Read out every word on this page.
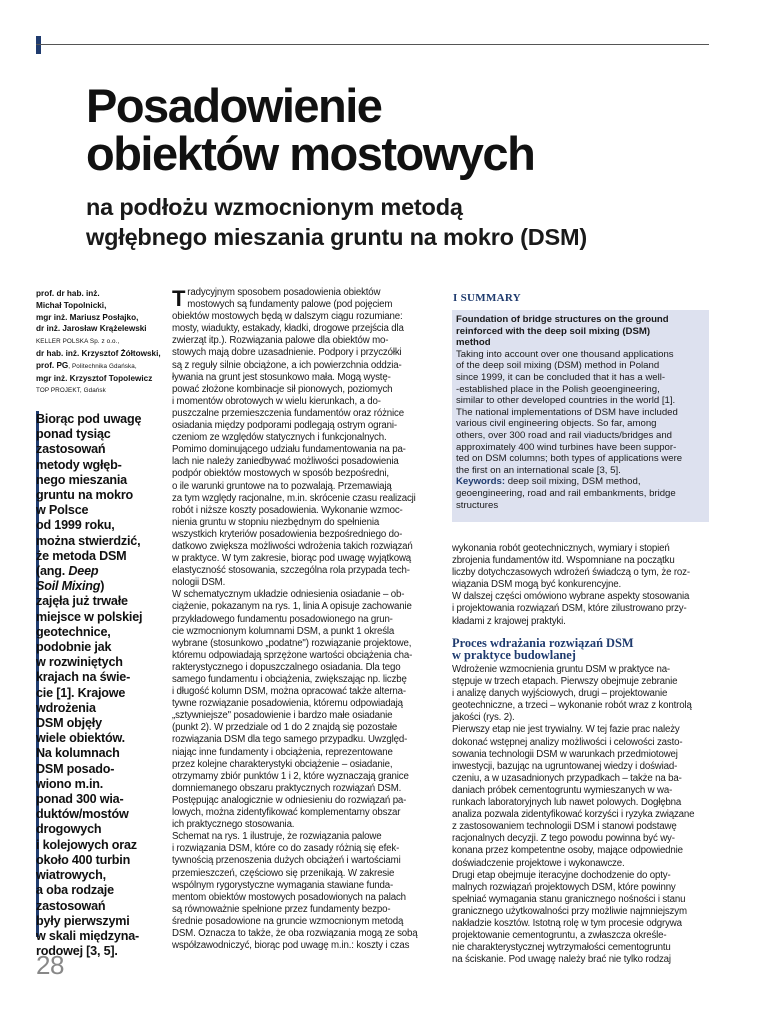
Posadowienie
obiektów mostowych
na podłożu wzmocnionym metodą
wgłębnego mieszania gruntu na mokro (DSM)
prof. dr hab. inż.
Michał Topolnicki,
mgr inż. Mariusz Posłajko,
dr inż. Jarosław Krążelewski
KELLER POLSKA Sp. z o.o.,
dr hab. inż. Krzysztof Żółtowski,
prof. PG, Politechnika Gdańska,
mgr inż. Krzysztof Topolewicz
TOP PROJEKT, Gdańsk

Biorąc pod uwagę
ponad tysiąc
zastosowań
metody wgłęb-
nego mieszania
gruntu na mokro
w Polsce
od 1999 roku,
można stwierdzić,
że metoda DSM
(ang. Deep
Soil Mixing)
zajęła już trwałe
miejsce w polskiej
geotechnice,
podobnie jak
w rozwiniętych
krajach na świe-
cie [1]. Krajowe
wdrożenia
DSM objęły
wiele obiektów.
Na kolumnach
DSM posado-
wiono m.in.
ponad 300 wia-
duktów/mostów
drogowych
i kolejowych oraz
około 400 turbin
wiatrowych,
a oba rodzaje
zastosowań
były pierwszymi
w skali międzyna-
rodowej [3, 5].

28

Tradycyjnym sposobem posadowienia obiektów
mostowych są fundamenty palowe (pod pojęciem
obiektów mostowych będą w dalszym ciągu rozumiane:
mosty, wiadukty, estakady, kładki, drogowe przejścia dla
zwierząt itp.). Rozwiązania palowe dla obiektów mo-
stowych mają dobre uzasadnienie. Podpory i przyczółki
są z reguły silnie obciążone, a ich powierzchnia oddzia-
ływania na grunt jest stosunkowo mała. Mogą wystę-
pować złożone kombinacje sił pionowych, poziomych
i momentów obrotowych w wielu kierunkach, a do-
puszczalne przemieszczenia fundamentów oraz różnice
osiadania między podporami podlegają ostrym ograni-
czeniom ze względów statycznych i funkcjonalnych.
Pomimo dominującego udziału fundamentowania na pa-
lach nie należy zaniedbywać możliwości posadowienia
podpór obiektów mostowych w sposób bezpośredni,
o ile warunki gruntowe na to pozwalają. Przemawiają
za tym względy racjonalne, m.in. skrócenie czasu realizacji
robót i niższe koszty posadowienia. Wykonanie wzmoc-
nienia gruntu w stopniu niezbędnym do spełnienia
wszystkich kryteriów posadowienia bezpośredniego do-
datkowo zwiększa możliwości wdrożenia takich rozwiązań
w praktyce. W tym zakresie, biorąc pod uwagę wyjątkową
elastyczność stosowania, szczególna rola przypada tech-
nologii DSM.

W schematycznym układzie odniesienia osiadanie – ob-
ciążenie, pokazanym na rys. 1, linia A opisuje zachowanie
przykładowego fundamentu posadowionego na grun-
cie wzmocnionym kolumnami DSM, a punkt 1 określa
wybrane (stosunkowo „podatne") rozwiązanie projektowe,
któremu odpowiadają sprzężone wartości obciążenia cha-
rakterystycznego i dopuszczalnego osiadania. Dla tego
samego fundamentu i obciążenia, zwiększając np. liczbę
i długość kolumn DSM, można opracować także alterna-
tywne rozwiązanie posadowienia, któremu odpowiadają
„sztywniejsze" posadowienie i bardzo małe osiadanie
(punkt 2). W przedziale od 1 do 2 znajdą się pozostałe
rozwiązania DSM dla tego samego przypadku. Uwzględ-
niając inne fundamenty i obciążenia, reprezentowane
przez kolejne charakterystyki obciążenie – osiadanie,
otrzymamy zbiór punktów 1 i 2, które wyznaczają granice
domniemanego obszaru praktycznych rozwiązań DSM.
Postępując analogicznie w odniesieniu do rozwiązań pa-
lowych, można zidentyfikować komplementarny obszar
ich praktycznego stosowania.

Schemat na rys. 1 ilustruje, że rozwiązania palowe
i rozwiązania DSM, które co do zasady różnią się efek-
tywnością przenoszenia dużych obciążeń i wartościami
przemieszczeń, częściowo się przenikają. W zakresie
wspólnym rygorystyczne wymagania stawiane funda-
mentom obiektów mostowych posadowionych na palach
są równoważnie spełnione przez fundamenty bezpo-
średnie posadowione na gruncie wzmocnionym metodą
DSM. Oznacza to także, że oba rozwiązania mogą ze sobą
współzawodniczyć, biorąc pod uwagę m.in.: koszty i czas

I SUMMARY

Foundation of bridge structures on the ground
reinforced with the deep soil mixing (DSM)
method

Taking into account over one thousand applications
of the deep soil mixing (DSM) method in Poland
since 1999, it can be concluded that it has a well-
-established place in the Polish geoengineering,
similar to other developed countries in the world [1].
The national implementations of DSM have included
various civil engineering objects. So far, among
others, over 300 road and rail viaducts/bridges and
approximately 400 wind turbines have been suppor-
ted on DSM columns; both types of applications were
the first on an international scale [3, 5].

Keywords: deep soil mixing, DSM method,
geoengineering, road and rail embankments, bridge
structures

wykonania robót geotechnicznych, wymiary i stopień
zbrojenia fundamentów itd. Wspomniane na początku
liczby dotychczasowych wdrożeń świadczą o tym, że roz-
wiązania DSM mogą być konkurencyjne.

W dalszej części omówiono wybrane aspekty stosowania
i projektowania rozwiązań DSM, które zilustrowano przy-
kładami z krajowej praktyki.

Proces wdrażania rozwiązań DSM
w praktyce budowlanej

Wdrożenie wzmocnienia gruntu DSM w praktyce na-
stępuje w trzech etapach. Pierwszy obejmuje zebranie
i analizę danych wyjściowych, drugi – projektowanie
geotechniczne, a trzeci – wykonanie robót wraz z kontrolą
jakości (rys. 2).

Pierwszy etap nie jest trywialny. W tej fazie prac należy
dokonać wstępnej analizy możliwości i celowości zasto-
sowania technologii DSM w warunkach przedmiotowej
inwestycji, bazując na ugruntowanej wiedzy i doświad-
czeniu, a w uzasadnionych przypadkach – także na ba-
daniach próbek cementogruntu wymieszanych w wa-
runkach laboratoryjnych lub nawet polowych. Dogłębna
analiza pozwala zidentyfikować korzyści i ryzyka związane
z zastosowaniem technologii DSM i stanowi podstawę
racjonalnych decyzji. Z tego powodu powinna być wy-
konana przez kompetentne osoby, mające odpowiednie
doświadczenie projektowe i wykonawcze.

Drugi etap obejmuje iteracyjne dochodzenie do opty-
malnych rozwiązań projektowych DSM, które powinny
spełniać wymagania stanu granicznego nośności i stanu
granicznego użytkowalności przy możliwie najmniejszym
nakładzie kosztów. Istotną rolę w tym procesie odgrywa
projektowanie cementogruntu, a zwłaszcza określe-
nie charakterystycznej wytrzymałości cementogruntu
na ściskanie. Pod uwagę należy brać nie tylko rodzaj
